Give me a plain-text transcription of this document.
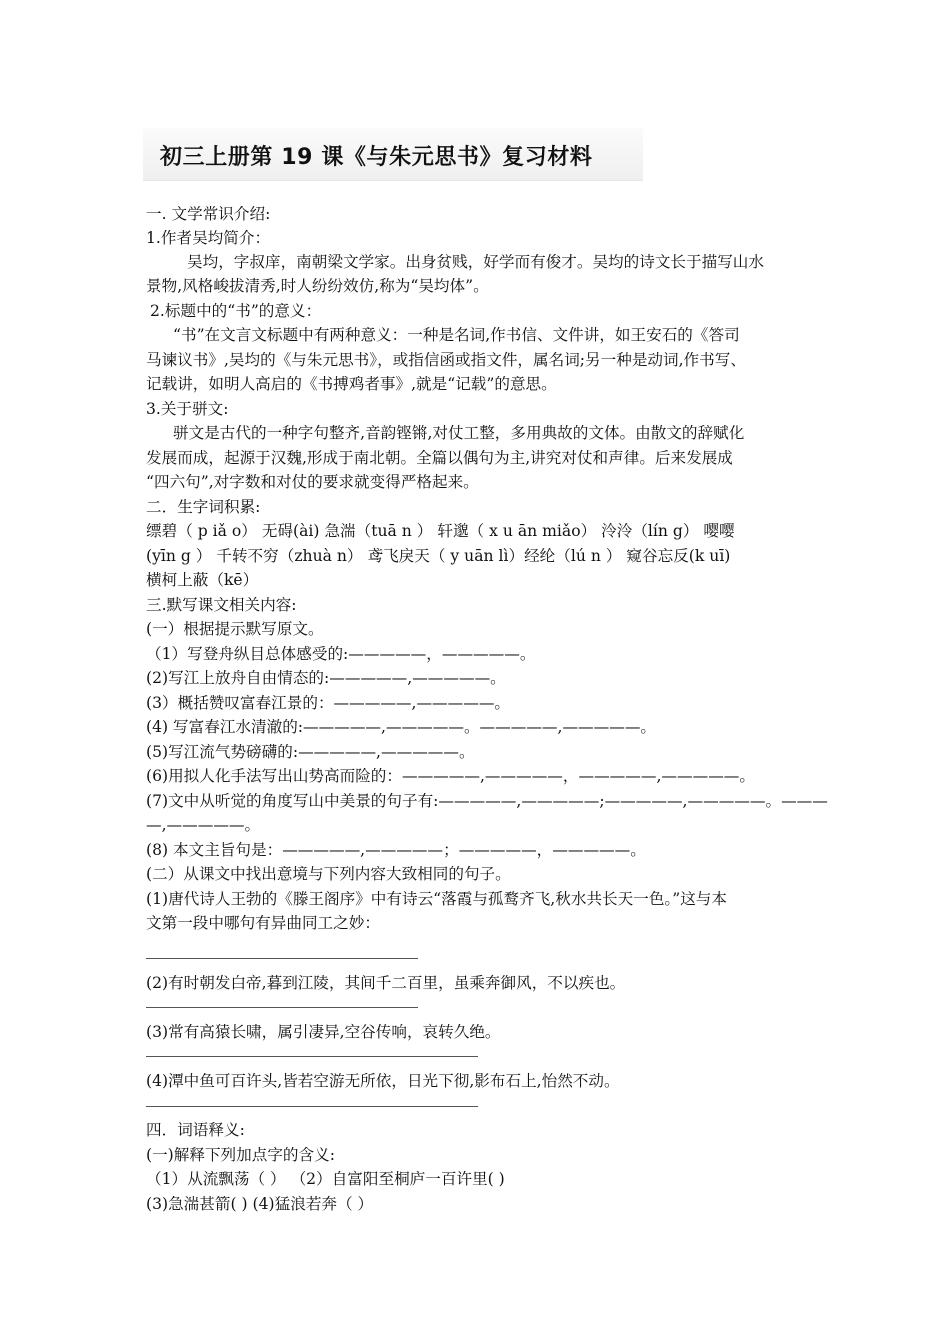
初三上册第 19 课《与朱元思书》复习材料
一. 文学常识介绍:
1.作者吴均简介：
吴均，字叔庠，南朝梁文学家。出身贫贱，好学而有俊才。吴均的诗文长于描写山水
景物,风格峻拔清秀,时人纷纷效仿,称为“吴均体”。
2.标题中的“书”的意义：
“书”在文言文标题中有两种意义：一种是名词,作书信、文件讲，如王安石的《答司
马谏议书》,吴均的《与朱元思书》，或指信函或指文件，属名词;另一种是动词,作书写、
记载讲，如明人高启的《书搏鸡者事》,就是“记载”的意思。
3.关于骈文:
骈文是古代的一种字句整齐,音韵铿锵,对仗工整，多用典故的文体。由散文的辞赋化
发展而成，起源于汉魏,形成于南北朝。全篇以偶句为主,讲究对仗和声律。后来发展成
“四六句”,对字数和对仗的要求就变得严格起来。
二．生字词积累:
缥碧（ p iǎ o） 无碍(ài) 急湍（tuā n ） 轩邈（ x u ān miǎo） 泠泠（lín g） 嘤嘤
(yīn g ） 千转不穷（zhuà n） 鸢飞戾天（ y uān lì）经纶（lú n ） 窥谷忘反(k uī)
横柯上蔽（kē）
三.默写课文相关内容:
(一）根据提示默写原文。
（1）写登舟纵目总体感受的:—————，—————。
(2)写江上放舟自由情态的:—————,—————。
(3）概括赞叹富春江景的：—————,—————。
(4) 写富春江水清澈的:—————,—————。—————,—————。
(5)写江流气势磅礴的:—————,—————。
(6)用拟人化手法写出山势高而险的：—————,—————，—————,—————。
(7)文中从听觉的角度写山中美景的句子有:—————,—————;—————,—————。———
—,—————。
(8) 本文主旨句是：—————,—————；—————，—————。
(二）从课文中找出意境与下列内容大致相同的句子。
(1)唐代诗人王勃的《滕王阁序》中有诗云“落霞与孤鹜齐飞,秋水共长天一色。”这与本
文第一段中哪句有异曲同工之妙：
(2)有时朝发白帝,暮到江陵，其间千二百里，虽乘奔御风，不以疾也。
(3)常有高猿长啸，属引凄异,空谷传响，哀转久绝。
(4)潭中鱼可百许头,皆若空游无所依，日光下彻,影布石上,怡然不动。
四．词语释义:
(一)解释下列加点字的含义:
（1）从流飘荡（ ） （2）自富阳至桐庐一百许里( )
(3)急湍甚箭( ) (4)猛浪若奔（ ）
